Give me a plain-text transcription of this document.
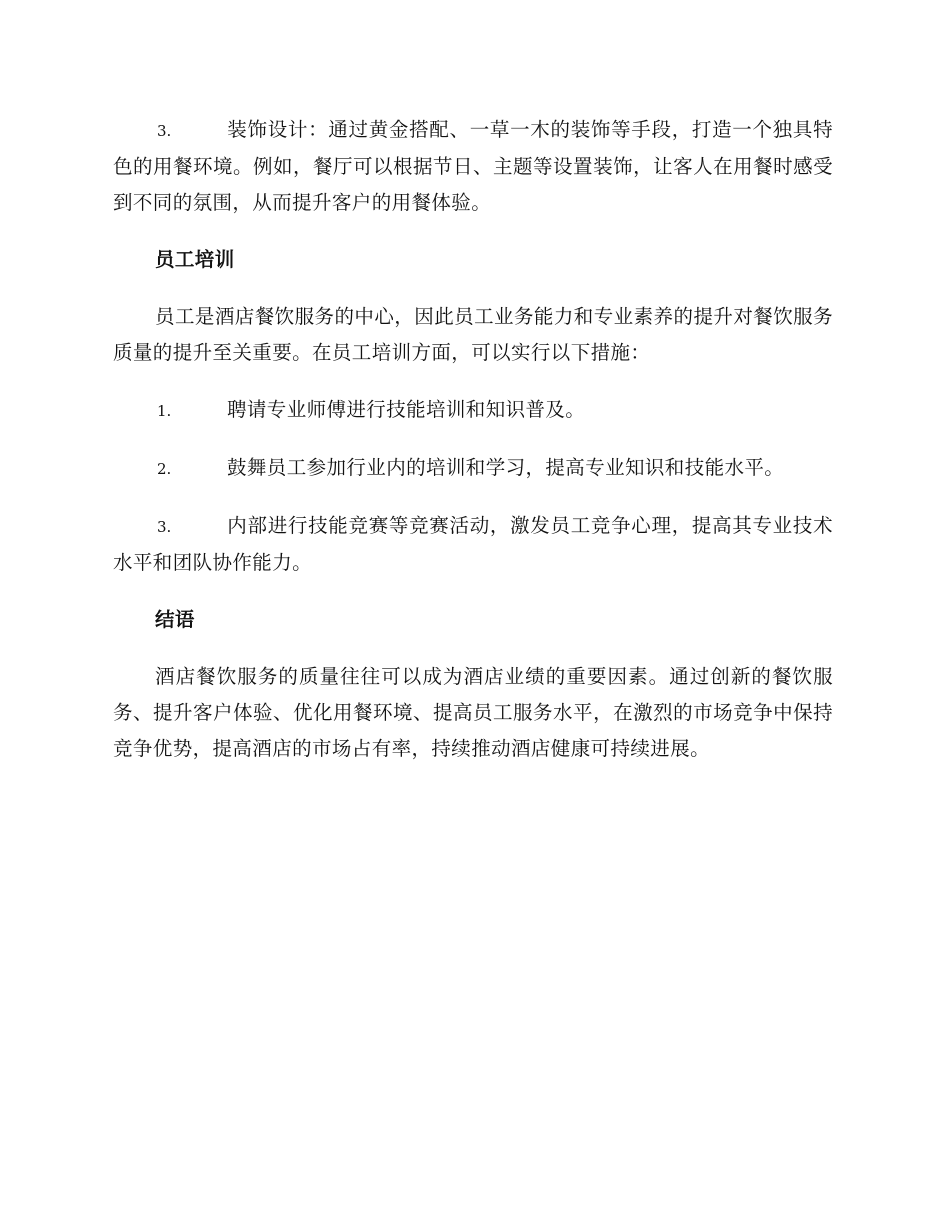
3.	装饰设计：通过黄金搭配、一草一木的装饰等手段，打造一个独具特色的用餐环境。例如，餐厅可以根据节日、主题等设置装饰，让客人在用餐时感受到不同的氛围，从而提升客户的用餐体验。

员工培训

员工是酒店餐饮服务的中心，因此员工业务能力和专业素养的提升对餐饮服务质量的提升至关重要。在员工培训方面，可以实行以下措施：

1.	聘请专业师傅进行技能培训和知识普及。

2.	鼓舞员工参加行业内的培训和学习，提高专业知识和技能水平。

3.	内部进行技能竞赛等竞赛活动，激发员工竞争心理，提高其专业技术水平和团队协作能力。

结语

酒店餐饮服务的质量往往可以成为酒店业绩的重要因素。通过创新的餐饮服务、提升客户体验、优化用餐环境、提高员工服务水平，在激烈的市场竞争中保持竞争优势，提高酒店的市场占有率，持续推动酒店健康可持续进展。
